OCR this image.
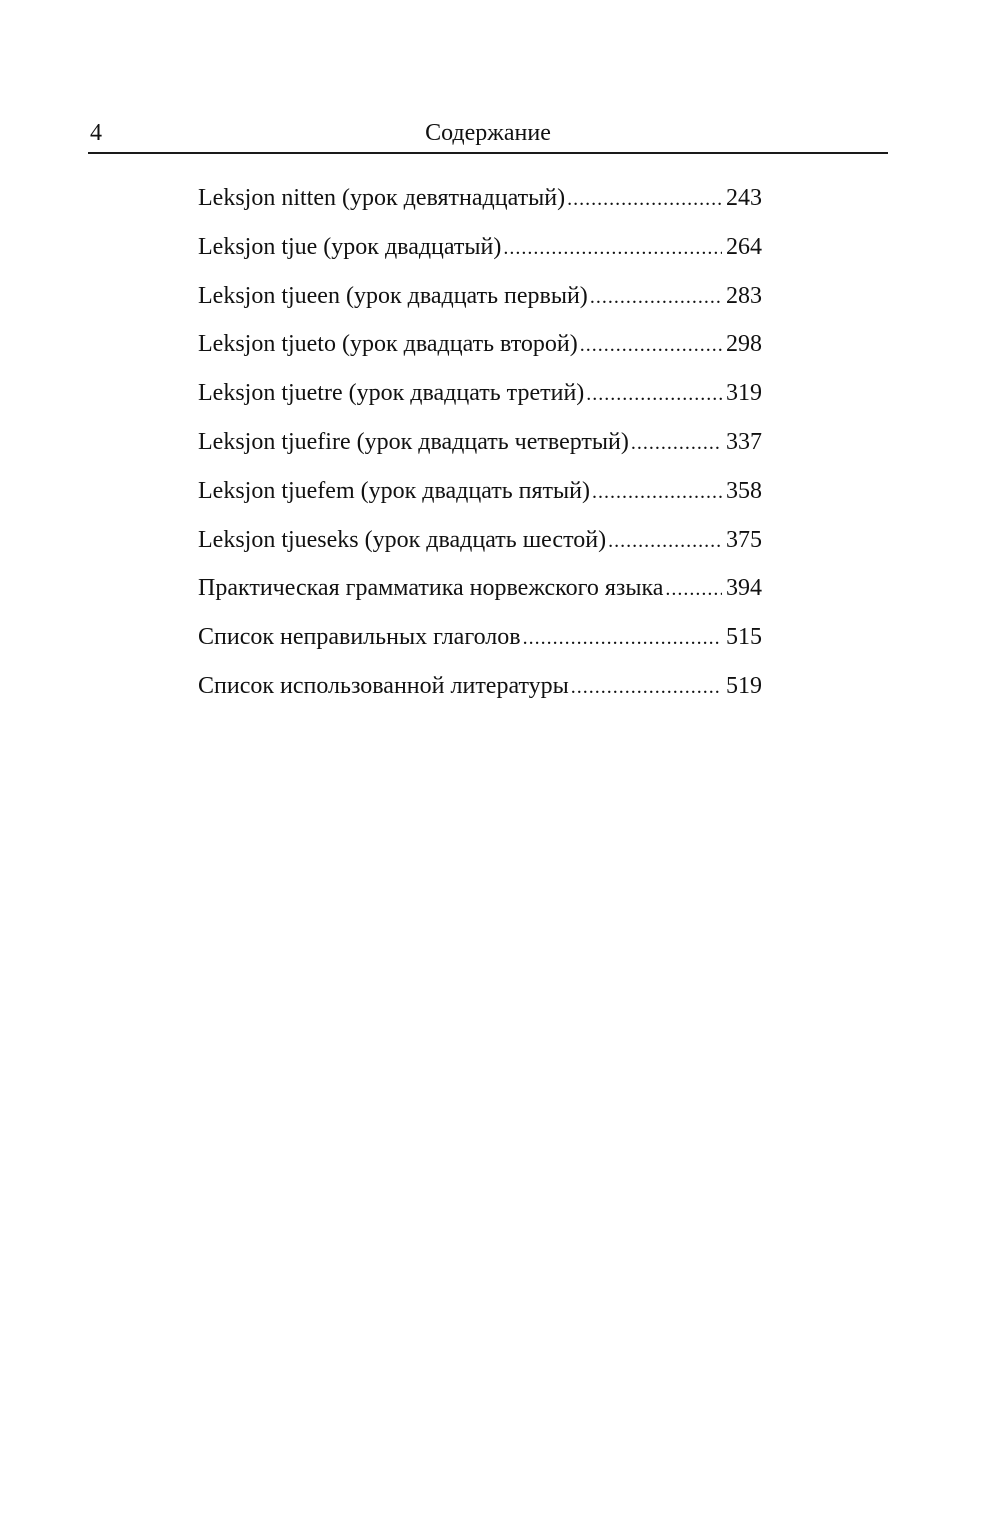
4	Содержание
Leksjon nitten (урок девятнадцатый) .....	243
Leksjon tjue (урок двадцатый) .....	264
Leksjon tjueen (урок двадцать первый) .....	283
Leksjon tjueto (урок двадцать второй) .....	298
Leksjon tjuetre (урок двадцать третий) .....	319
Leksjon tjuefire (урок двадцать четвертый) .....	337
Leksjon tjuefem (урок двадцать пятый) .....	358
Leksjon tjueseks (урок двадцать шестой) .....	375
Практическая грамматика норвежского языка .....	394
Список неправильных глаголов .....	515
Список использованной литературы .....	519
